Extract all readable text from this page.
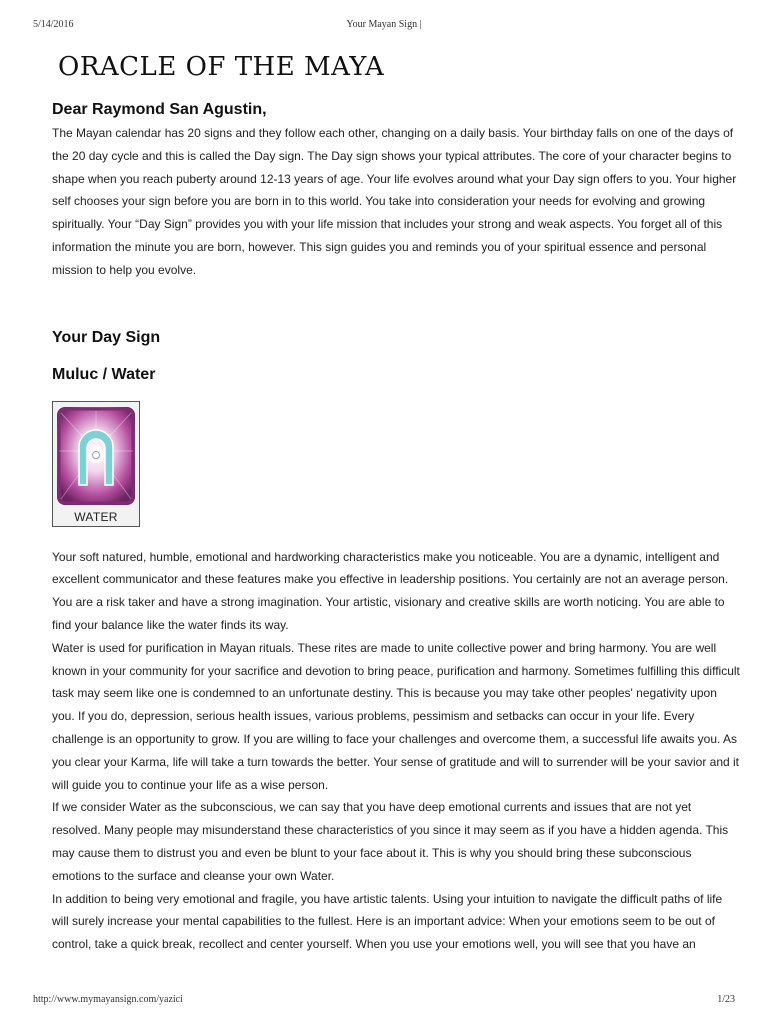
5/14/2016	Your Mayan Sign |
ORACLE OF THE MAYA
Dear Raymond San Agustin,

The Mayan calendar has 20 signs and they follow each other, changing on a daily basis. Your birthday falls on one of the days of the 20 day cycle and this is called the Day sign. The Day sign shows your typical attributes. The core of your character begins to shape when you reach puberty around 12-13 years of age. Your life evolves around what your Day sign offers to you. Your higher self chooses your sign before you are born in to this world. You take into consideration your needs for evolving and growing spiritually. Your “Day Sign” provides you with your life mission that includes your strong and weak aspects. You forget all of this information the minute you are born, however. This sign guides you and reminds you of your spiritual essence and personal mission to help you evolve.

Your Day Sign
Muluc / Water
WATER

Your soft natured, humble, emotional and hardworking characteristics make you noticeable. You are a dynamic, intelligent and excellent communicator and these features make you effective in leadership positions. You certainly are not an average person. You are a risk taker and have a strong imagination. Your artistic, visionary and creative skills are worth noticing. You are able to find your balance like the water finds its way.

Water is used for purification in Mayan rituals. These rites are made to unite collective power and bring harmony. You are well known in your community for your sacrifice and devotion to bring peace, purification and harmony. Sometimes fulfilling this difficult task may seem like one is condemned to an unfortunate destiny. This is because you may take other peoples' negativity upon you. If you do, depression, serious health issues, various problems, pessimism and setbacks can occur in your life. Every challenge is an opportunity to grow. If you are willing to face your challenges and overcome them, a successful life awaits you. As you clear your Karma, life will take a turn towards the better. Your sense of gratitude and will to surrender will be your savior and it will guide you to continue your life as a wise person.

If we consider Water as the subconscious, we can say that you have deep emotional currents and issues that are not yet resolved. Many people may misunderstand these characteristics of you since it may seem as if you have a hidden agenda. This may cause them to distrust you and even be blunt to your face about it. This is why you should bring these subconscious emotions to the surface and cleanse your own Water.

In addition to being very emotional and fragile, you have artistic talents. Using your intuition to navigate the difficult paths of life will surely increase your mental capabilities to the fullest. Here is an important advice: When your emotions seem to be out of control, take a quick break, recollect and center yourself. When you use your emotions well, you will see that you have an

http://www.mymayansign.com/yazici	1/23
